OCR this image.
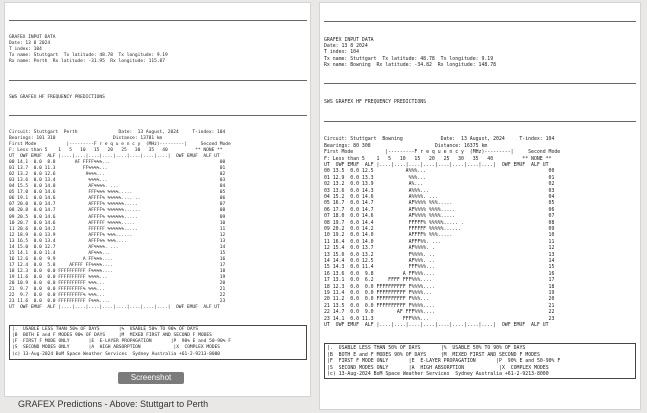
GRAFEX INPUT DATA
Date: 13 8 2024
T index: 104
Tx name: Stuttgart  Tx latitude: 48.78  Tx longitude: 9.19
Rx name: Perth  Rx latitude: -31.95  Rx longitude: 115.87

SWS GRAFEX HF FREQUENCY PREDICTIONS

Circuit: Stuttgart  Perth               Date:  13 August, 2024     T-index: 104
Bearings: 101 310                     Distance: 13781 km
First Mode           |---------F r e q u e n c y  (MHz)---------|     Second Mode
F: Less than 5    1   5   10   15   20   25   30   35   40          ** NONE **
UT  OWF EMUF  ALF |....|....|....|....|....|....|....|....|  OWF EMUF  ALF UT
00 14.1  0.0  8.8       AF FFFF%%%...                                        00
01 13.7  0.0 11.3          FF%%%%...                                         01
02 13.2  0.0 12.6           A%%%...                                          02
03 13.6  0.0 13.4            %%%%...                                         03
04 15.5  0.0 14.0            AF%%%%. ...                                     04
05 17.0  0.0 14.6            FFF%%% %%%%.....                                05
06 19.1  0.0 14.6            AFFFF% %%%%%.... ..                             06
07 20.0  0.0 14.7            AFFFF% %%%%%%.....                              07
08 20.8  0.0 14.7            AFFFF% %%%%%%......                             08
09 20.5  0.0 14.6            AFFFF% %%%%%%.....                              09
10 20.7  0.0 14.6            AFFFFF %%%%%.....                               10
11 20.6  0.0 14.2            FFFFFF %%%%%%.....                              11
12 18.9  0.0 13.9            AFFFF% %%%......                                12
13 16.5  0.0 13.4            AFFF%% %%%....                                  13
14 15.0  0.0 12.7            AF%%%%. ...                                     14
15 14.1  0.0 11.4            AF%%%...                                        15
16 12.6  0.0  9.9          A FF%%%....                                       16
17 12.4  0.0  5.8     AFFFF FF%%%%....                                       17
18 12.3  0.0  0.0 FFFFFFFFFF F%%%%....                                       18
19 11.6  0.0  0.0 FFFFFFFFFF %%%%...                                         19
20 10.9  0.0  0.0 FFFFFFFFFF %%%...                                          20
21  9.7  0.0  0.0 FFFFFFFFF% %%%...                                          21
22  9.7  0.0  0.0 FFFFFFFFF% %%%...                                          22
23 11.6  0.0  0.0 FFFFFFFFFF F%%%....                                        23
UT  OWF EMUF  ALF |....|....|....|....|....|....|....|....|  OWF EMUF  ALF UT

|.  USABLE LESS THAN 50% OF DAYS       |%  USABLE 50% TO 90% OF DAYS
|B  BOTH E and F MODES 90% OF DAYS     |M  MIXED FIRST AND SECOND F MODES
|F  FIRST F MODE ONLY       |E  E-LAYER PROPAGATION       |P  90% E and 50-90% F
|S  SECOND MODES ONLY       |A  HIGH ABSORPTION            |X  COMPLEX MODES
(c) 13-Aug-2024 BoM Space Weather Services  Sydney Australia +61-2-9213-8000

Screenshot
GRAFEX Predictions - Above: Stuttgart to Perth

GRAFEX INPUT DATA
Date: 13 8 2024
T index: 104
Tx name: Stuttgart  Tx latitude: 48.78  Tx longitude: 9.19
Rx name: Bowning  Rx latitude: -34.82  Rx longitude: 148.78

SWS GRAFEX HF FREQUENCY PREDICTIONS

Circuit: Stuttgart  Bowning             Date:  13 August, 2024     T-index: 104
Bearings: 80 308                      Distance: 16375 km
First Mode           |---------F r e q u e n c y  (MHz)---------|     Second Mode
F: Less than 5    1   5   10   15   20   25   30   35   40          ** NONE **
UT  OWF EMUF  ALF |....|....|....|....|....|....|....|....|  OWF EMUF  ALF UT
00 13.5  0.0 12.5           A%%%...                                          00
01 12.9  0.0 13.3            %%%...                                          01
02 13.2  0.0 13.9            A%...                                           02
03 13.6  0.0 14.3            A%%%...                                         03
04 15.2  0.0 14.6            A%%%%. ...                                      04
05 16.7  0.0 14.7            AF%%%% %%%.....                                 05
06 17.7  0.0 14.7            AF%%%% %%%%.....                                06
07 18.0  0.0 14.6            AF%%%% %%%%.....                                07
08 19.7  0.0 14.4            FFFFF% %%%%%..... .                             08
09 20.2  0.0 14.2            FFFFFF %%%%%......                              09
10 19.2  0.0 14.0            AFFFF% %%%.....                                 10
11 16.4  0.0 14.0            AFFF%%. ...                                     11
12 15.4  0.0 13.7            AF%%%%. .                                       12
13 15.0  0.0 13.2            F%%%%. ..                                       13
14 14.4  0.0 12.5            AF%%%. ..                                       14
15 14.3  0.0 11.4            FFF%%%...                                       15
16 13.6  0.0  9.8          A FF%%%....                                       16
17 13.1  0.0  6.2     FFFF FFF%%%....                                        17
18 12.3  0.0  0.0 FFFFFFFFFF F%%%%....                                       18
19 11.4  0.0  0.0 FFFFFFFFFF F%%%%...                                        19
20 11.2  0.0  0.0 FFFFFFFFFF F%%%...                                         20
21 13.5  0.0  0.0 FFFFFFFFFF F%%%%....                                       21
22 14.7  0.0  9.0        AF FFF%%%....                                       22
23 14.1  0.0 11.3          FFF%%%...                                         23
UT  OWF EMUF  ALF |....|....|....|....|....|....|....|....|  OWF EMUF  ALF UT

|.  USABLE LESS THAN 50% OF DAYS       |%  USABLE 50% TO 90% OF DAYS
|B  BOTH E and F MODES 90% OF DAYS     |M  MIXED FIRST AND SECOND F MODES
|F  FIRST F MODE ONLY       |E  E-LAYER PROPAGATION       |P  90% E and 50-90% F
|S  SECOND MODES ONLY       |A  HIGH ABSORPTION            |X  COMPLEX MODES
(c) 13-Aug-2024 BoM Space Weather Services  Sydney Australia +61-2-9213-8000
